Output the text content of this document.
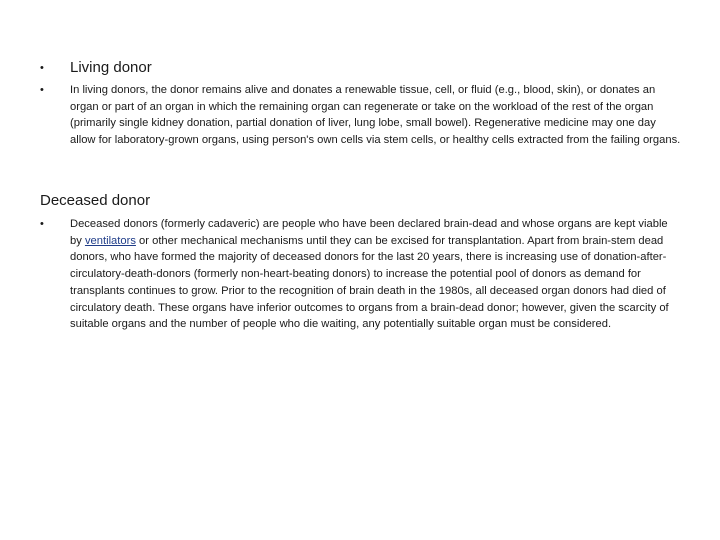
• Living donor
• In living donors, the donor remains alive and donates a renewable tissue, cell, or fluid (e.g., blood, skin), or donates an organ or part of an organ in which the remaining organ can regenerate or take on the workload of the rest of the organ (primarily single kidney donation, partial donation of liver, lung lobe, small bowel). Regenerative medicine may one day allow for laboratory-grown organs, using person's own cells via stem cells, or healthy cells extracted from the failing organs.
Deceased donor
• Deceased donors (formerly cadaveric) are people who have been declared brain-dead and whose organs are kept viable by ventilators or other mechanical mechanisms until they can be excised for transplantation. Apart from brain-stem dead donors, who have formed the majority of deceased donors for the last 20 years, there is increasing use of donation-after-circulatory-death-donors (formerly non-heart-beating donors) to increase the potential pool of donors as demand for transplants continues to grow. Prior to the recognition of brain death in the 1980s, all deceased organ donors had died of circulatory death. These organs have inferior outcomes to organs from a brain-dead donor; however, given the scarcity of suitable organs and the number of people who die waiting, any potentially suitable organ must be considered.
